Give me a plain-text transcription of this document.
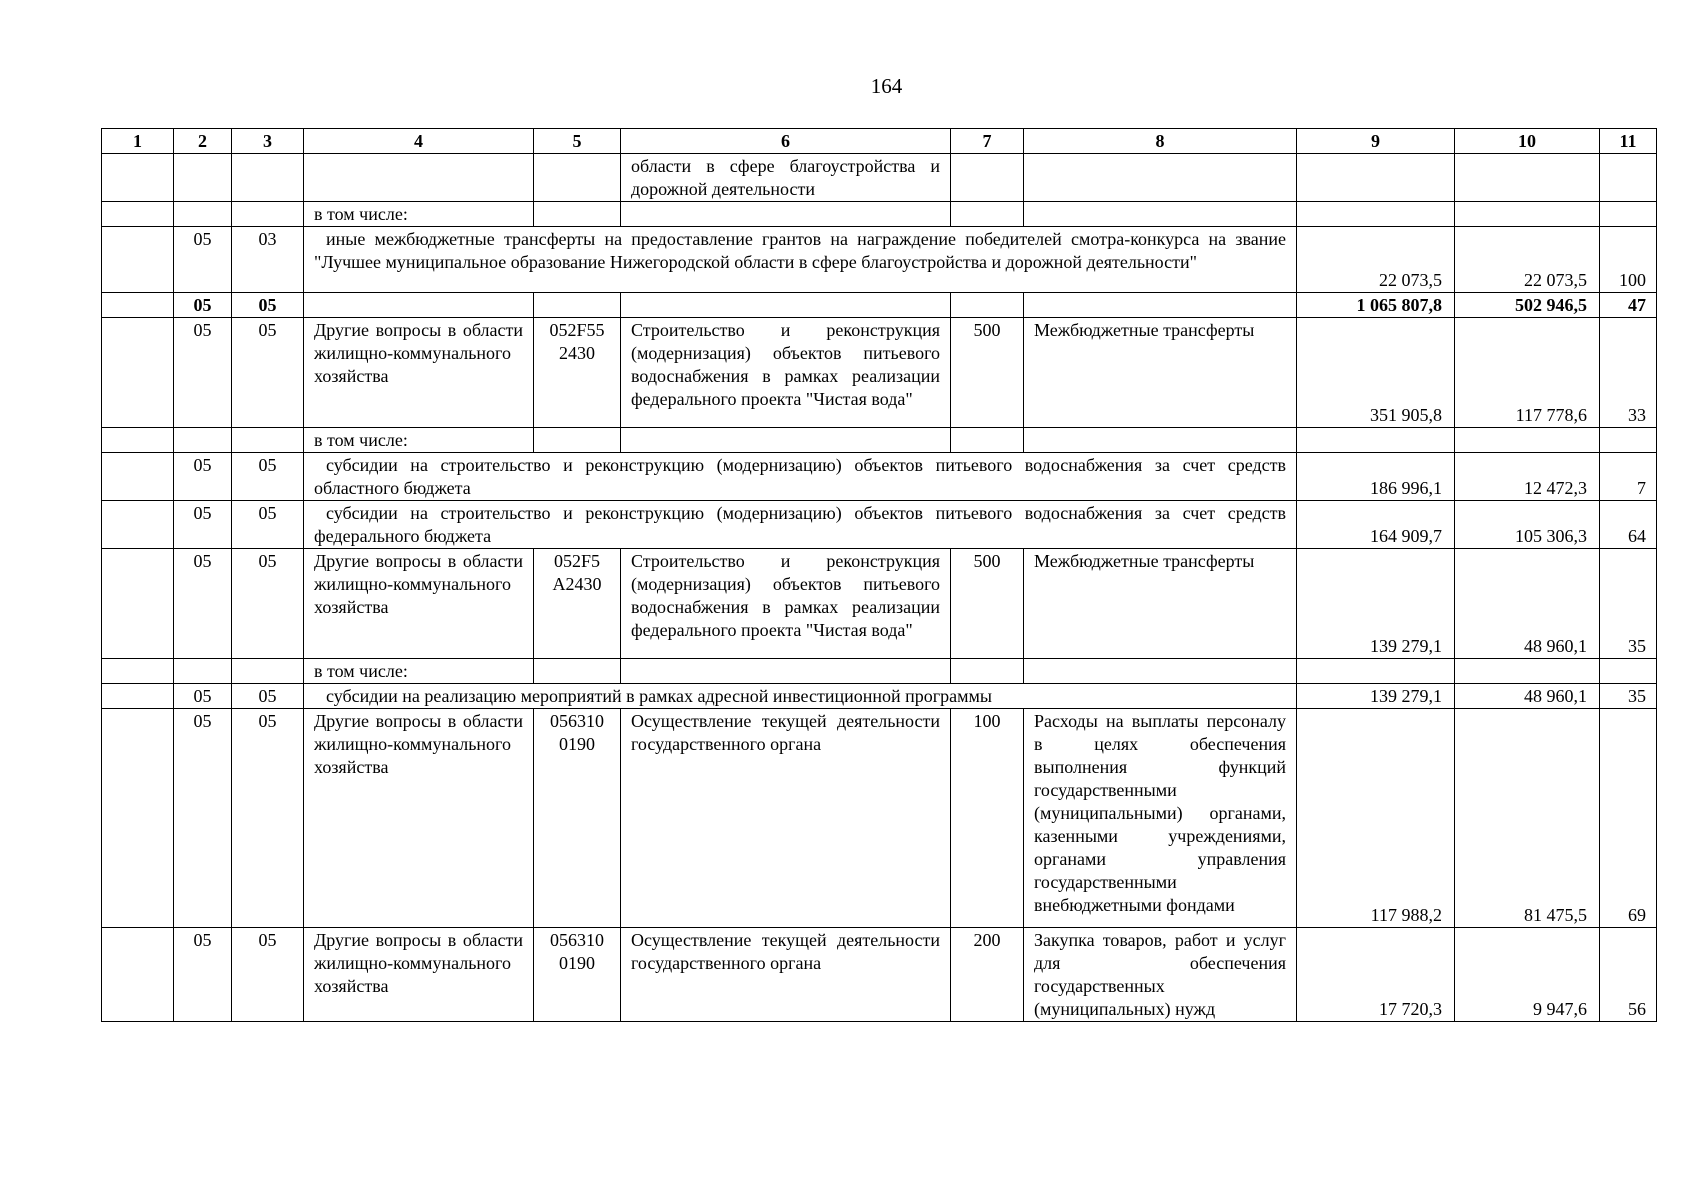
164
1	2	3	4	5	6	7	8	9	10	11
					области в сфере благоустройства и дорожной деятельности					
			в том числе:							
	05	03	иные межбюджетные трансферты на предоставление грантов на награждение победителей смотра-конкурса на звание "Лучшее муниципальное образование Нижегородской области в сфере благоустройства и дорожной деятельности"					22 073,5	22 073,5	100
	05	05						1 065 807,8	502 946,5	47
	05	05	Другие вопросы в области жилищно-коммунального хозяйства	052F55 2430	Строительство и реконструкция (модернизация) объектов питьевого водоснабжения в рамках реализации федерального проекта "Чистая вода"	500	Межбюджетные трансферты	351 905,8	117 778,6	33
			в том числе:							
	05	05	субсидии на строительство и реконструкцию (модернизацию) объектов питьевого водоснабжения за счет средств областного бюджета					186 996,1	12 472,3	7
	05	05	субсидии на строительство и реконструкцию (модернизацию) объектов питьевого водоснабжения за счет средств федерального бюджета					164 909,7	105 306,3	64
	05	05	Другие вопросы в области жилищно-коммунального хозяйства	052F5 A2430	Строительство и реконструкция (модернизация) объектов питьевого водоснабжения в рамках реализации федерального проекта "Чистая вода"	500	Межбюджетные трансферты	139 279,1	48 960,1	35
			в том числе:							
	05	05	субсидии на реализацию мероприятий в рамках адресной инвестиционной программы					139 279,1	48 960,1	35
	05	05	Другие вопросы в области жилищно-коммунального хозяйства	056310 0190	Осуществление текущей деятельности государственного органа	100	Расходы на выплаты персоналу в целях обеспечения выполнения функций государственными (муниципальными) органами, казенными учреждениями, органами управления государственными внебюджетными фондами	117 988,2	81 475,5	69
	05	05	Другие вопросы в области жилищно-коммунального хозяйства	056310 0190	Осуществление текущей деятельности государственного органа	200	Закупка товаров, работ и услуг для обеспечения государственных (муниципальных) нужд	17 720,3	9 947,6	56
